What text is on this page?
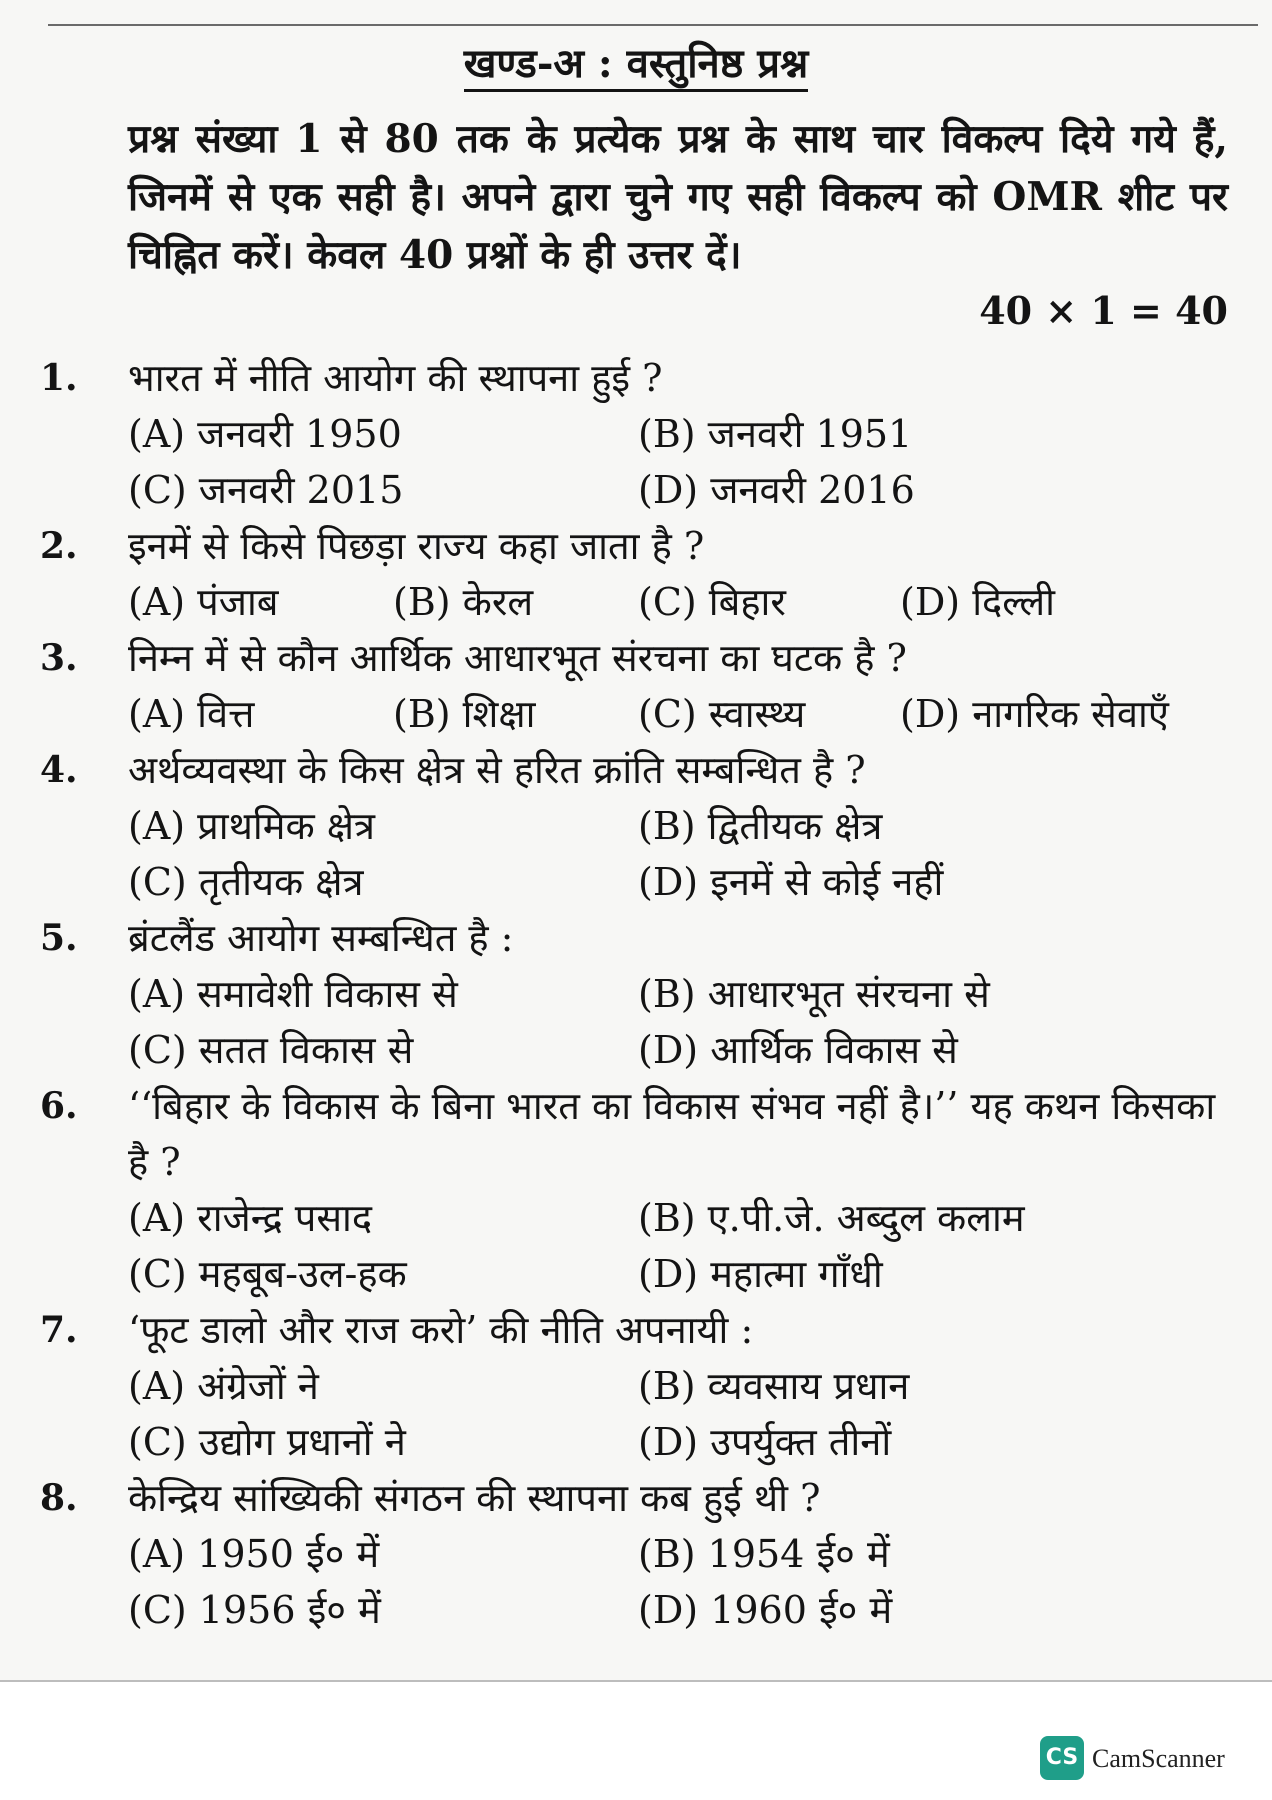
खण्ड-अ : वस्तुनिष्ठ प्रश्न
प्रश्न संख्या 1 से 80 तक के प्रत्येक प्रश्न के साथ चार विकल्प दिये गये हैं, जिनमें से एक सही है। अपने द्वारा चुने गए सही विकल्प को OMR शीट पर चिह्नित करें। केवल 40 प्रश्नों के ही उत्तर दें।
40 × 1 = 40
1.	भारत में नीति आयोग की स्थापना हुई ?
(A) जनवरी 1950	(B) जनवरी 1951
(C) जनवरी 2015	(D) जनवरी 2016
2.	इनमें से किसे पिछड़ा राज्य कहा जाता है ?
(A) पंजाब	(B) केरल	(C) बिहार	(D) दिल्ली
3.	निम्न में से कौन आर्थिक आधारभूत संरचना का घटक है ?
(A) वित्त	(B) शिक्षा	(C) स्वास्थ्य	(D) नागरिक सेवाएँ
4.	अर्थव्यवस्था के किस क्षेत्र से हरित क्रांति सम्बन्धित है ?
(A) प्राथमिक क्षेत्र	(B) द्वितीयक क्षेत्र
(C) तृतीयक क्षेत्र	(D) इनमें से कोई नहीं
5.	ब्रंटलैंड आयोग सम्बन्धित है :
(A) समावेशी विकास से	(B) आधारभूत संरचना से
(C) सतत विकास से	(D) आर्थिक विकास से
6.	‘‘बिहार के विकास के बिना भारत का विकास संभव नहीं है।’’ यह कथन किसका है ?
(A) राजेन्द्र पसाद	(B) ए.पी.जे. अब्दुल कलाम
(C) महबूब-उल-हक	(D) महात्मा गाँधी
7.	‘फूट डालो और राज करो’ की नीति अपनायी :
(A) अंग्रेजों ने	(B) व्यवसाय प्रधान
(C) उद्योग प्रधानों ने	(D) उपर्युक्त तीनों
8.	केन्द्रिय सांख्यिकी संगठन की स्थापना कब हुई थी ?
(A) 1950 ई० में	(B) 1954 ई० में
(C) 1956 ई० में	(D) 1960 ई० में
CS CamScanner
